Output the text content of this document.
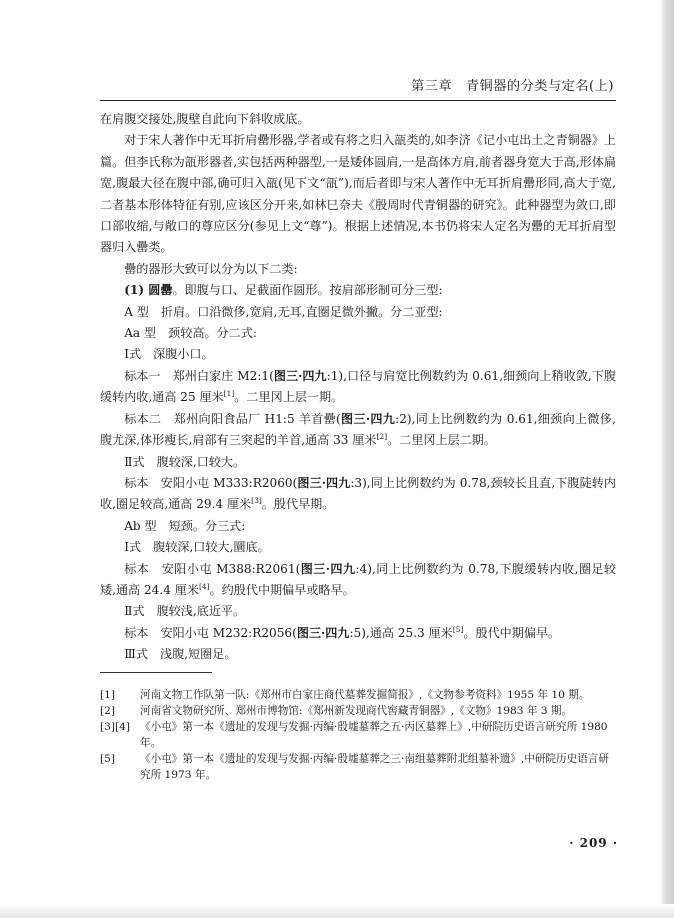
第三章　青铜器的分类与定名(上)

在肩腹交接处,腹壁自此向下斜收成底。

对于宋人著作中无耳折肩罍形器,学者或有将之归入瓿类的,如李济《记小屯出土之青铜器》上篇。但李氏称为瓿形器者,实包括两种器型,一是矮体圆肩,一是高体方肩,前者器身宽大于高,形体扁宽,腹最大径在腹中部,确可归入瓿(见下文“瓿”),而后者即与宋人著作中无耳折肩罍形同,高大于宽,二者基本形体特征有别,应该区分开来,如林巳奈夫《殷周时代青铜器的研究》。此种器型为敛口,即口部收缩,与敞口的尊应区分(参见上文“尊”)。根据上述情况,本书仍将宋人定名为罍的无耳折肩型器归入罍类。

罍的器形大致可以分为以下二类:

(1) 圆罍。即腹与口、足截面作圆形。按肩部形制可分三型:

A 型　折肩。口沿微侈,宽肩,无耳,直圈足微外撇。分二亚型:

Aa 型　颈较高。分二式:

Ⅰ式　深腹小口。

标本一　郑州白家庄 M2:1(图三·四九:1),口径与肩宽比例数约为 0.61,细颈向上稍收敛,下腹缓转内收,通高 25 厘米[1]。二里冈上层一期。

标本二　郑州向阳食品厂 H1:5 羊首罍(图三·四九:2),同上比例数约为 0.61,细颈向上微侈,腹尤深,体形瘦长,肩部有三突起的羊首,通高 33 厘米[2]。二里冈上层二期。

Ⅱ式　腹较深,口较大。

标本　安阳小屯 M333:R2060(图三·四九:3),同上比例数约为 0.78,颈较长且直,下腹陡转内收,圈足较高,通高 29.4 厘米[3]。殷代早期。

Ab 型　短颈。分三式:

Ⅰ式　腹较深,口较大,圜底。

标本　安阳小屯 M388:R2061(图三·四九:4),同上比例数约为 0.78,下腹缓转内收,圈足较矮,通高 24.4 厘米[4]。约殷代中期偏早或略早。

Ⅱ式　腹较浅,底近平。

标本　安阳小屯 M232:R2056(图三·四九:5),通高 25.3 厘米[5]。殷代中期偏早。

Ⅲ式　浅腹,短圈足。

[1]	河南文物工作队第一队:《郑州市白家庄商代墓葬发掘简报》,《文物参考资料》1955 年 10 期。
[2]	河南省文物研究所、郑州市博物馆:《郑州新发现商代窖藏青铜器》,《文物》1983 年 3 期。
[3][4] 《小屯》第一本《遗址的发现与发掘·丙编·殷墟墓葬之五·丙区墓葬上》,中研院历史语言研究所 1980 年。
[5]	《小屯》第一本《遗址的发现与发掘·丙编·殷墟墓葬之三·南组墓葬附北组墓补遗》,中研院历史语言研究所 1973 年。
· 209 ·
